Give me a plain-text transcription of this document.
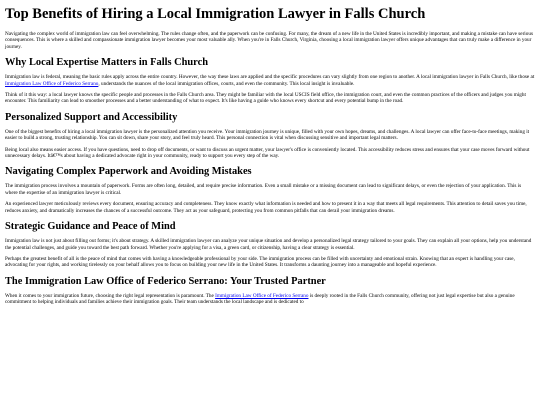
Top Benefits of Hiring a Local Immigration Lawyer in Falls Church

Navigating the complex world of immigration law can feel overwhelming. The rules change often, and the paperwork can be confusing. For many, the dream of a new life in the United States is incredibly important, and making a mistake can have serious consequences. This is where a skilled and compassionate immigration lawyer becomes your most valuable ally. When you're in Falls Church, Virginia, choosing a local immigration lawyer offers unique advantages that can truly make a difference in your journey.

Why Local Expertise Matters in Falls Church

Immigration law is federal, meaning the basic rules apply across the entire country. However, the way these laws are applied and the specific procedures can vary slightly from one region to another. A local immigration lawyer in Falls Church, like those at Immigration Law Office of Federico Serrano, understands the nuances of the local immigration offices, courts, and even the community. This local insight is invaluable.

Think of it this way: a local lawyer knows the specific people and processes in the Falls Church area. They might be familiar with the local USCIS field office, the immigration court, and even the common practices of the officers and judges you might encounter. This familiarity can lead to smoother processes and a better understanding of what to expect. It's like having a guide who knows every shortcut and every potential bump in the road.

Personalized Support and Accessibility

One of the biggest benefits of hiring a local immigration lawyer is the personalized attention you receive. Your immigration journey is unique, filled with your own hopes, dreams, and challenges. A local lawyer can offer face-to-face meetings, making it easier to build a strong, trusting relationship. You can sit down, share your story, and feel truly heard. This personal connection is vital when discussing sensitive and important legal matters.

Being local also means easier access. If you have questions, need to drop off documents, or want to discuss an urgent matter, your lawyer's office is conveniently located. This accessibility reduces stress and ensures that your case moves forward without unnecessary delays. Itâ€™s about having a dedicated advocate right in your community, ready to support you every step of the way.

Navigating Complex Paperwork and Avoiding Mistakes

The immigration process involves a mountain of paperwork. Forms are often long, detailed, and require precise information. Even a small mistake or a missing document can lead to significant delays, or even the rejection of your application. This is where the expertise of an immigration lawyer is critical.

An experienced lawyer meticulously reviews every document, ensuring accuracy and completeness. They know exactly what information is needed and how to present it in a way that meets all legal requirements. This attention to detail saves you time, reduces anxiety, and dramatically increases the chances of a successful outcome. They act as your safeguard, protecting you from common pitfalls that can derail your immigration dreams.

Strategic Guidance and Peace of Mind

Immigration law is not just about filling out forms; it's about strategy. A skilled immigration lawyer can analyze your unique situation and develop a personalized legal strategy tailored to your goals. They can explain all your options, help you understand the potential challenges, and guide you toward the best path forward. Whether you're applying for a visa, a green card, or citizenship, having a clear strategy is essential.

Perhaps the greatest benefit of all is the peace of mind that comes with having a knowledgeable professional by your side. The immigration process can be filled with uncertainty and emotional strain. Knowing that an expert is handling your case, advocating for your rights, and working tirelessly on your behalf allows you to focus on building your new life in the United States. It transforms a daunting journey into a manageable and hopeful experience.

The Immigration Law Office of Federico Serrano: Your Trusted Partner

When it comes to your immigration future, choosing the right legal representation is paramount. The Immigration Law Office of Federico Serrano is deeply rooted in the Falls Church community, offering not just legal expertise but also a genuine commitment to helping individuals and families achieve their immigration goals. Their team understands the local landscape and is dedicated to
